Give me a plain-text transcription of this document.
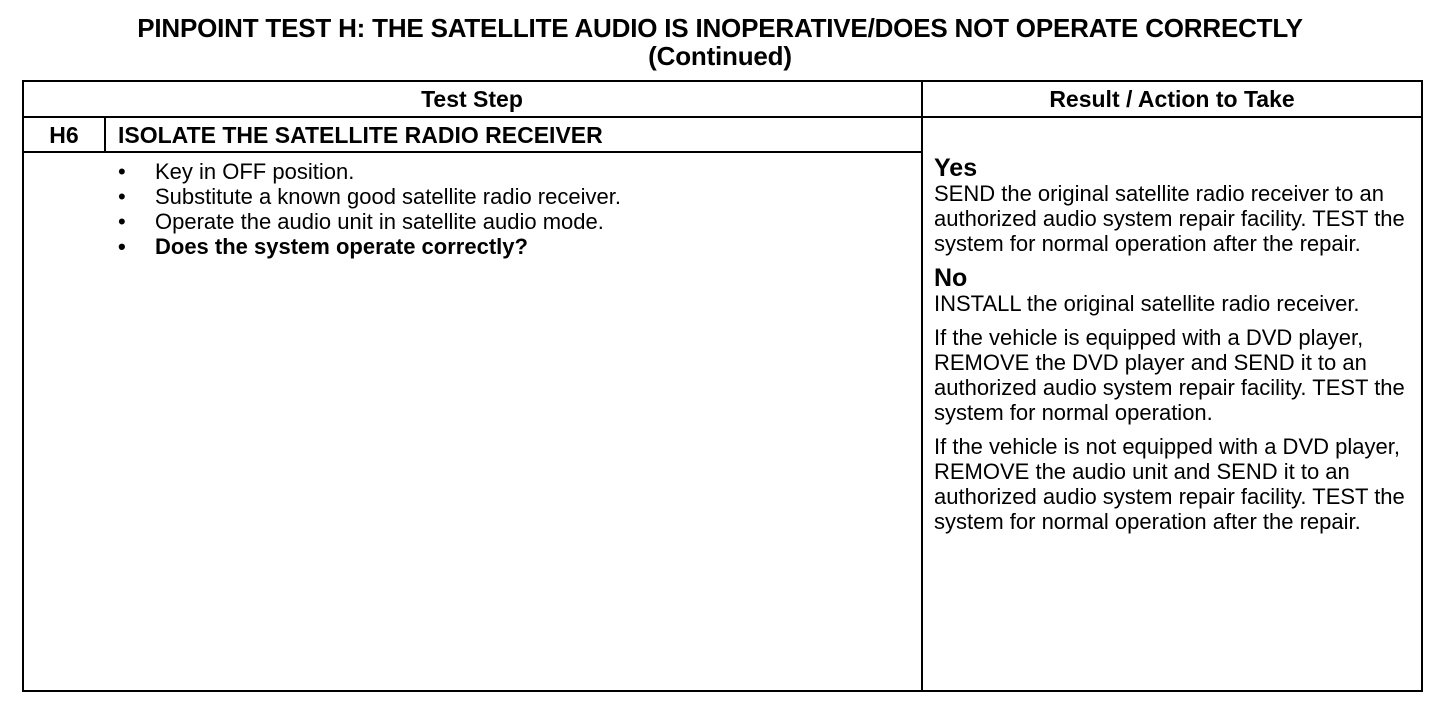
PINPOINT TEST H: THE SATELLITE AUDIO IS INOPERATIVE/DOES NOT OPERATE CORRECTLY
(Continued)
Test Step	Result / Action to Take
H6	ISOLATE THE SATELLITE RADIO RECEIVER
• Key in OFF position.
• Substitute a known good satellite radio receiver.
• Operate the audio unit in satellite audio mode.
• Does the system operate correctly?
Yes

SEND the original satellite radio receiver to an authorized audio system repair facility. TEST the system for normal operation after the repair.

No

INSTALL the original satellite radio receiver.

If the vehicle is equipped with a DVD player, REMOVE the DVD player and SEND it to an authorized audio system repair facility. TEST the system for normal operation.

If the vehicle is not equipped with a DVD player, REMOVE the audio unit and SEND it to an authorized audio system repair facility. TEST the system for normal operation after the repair.
